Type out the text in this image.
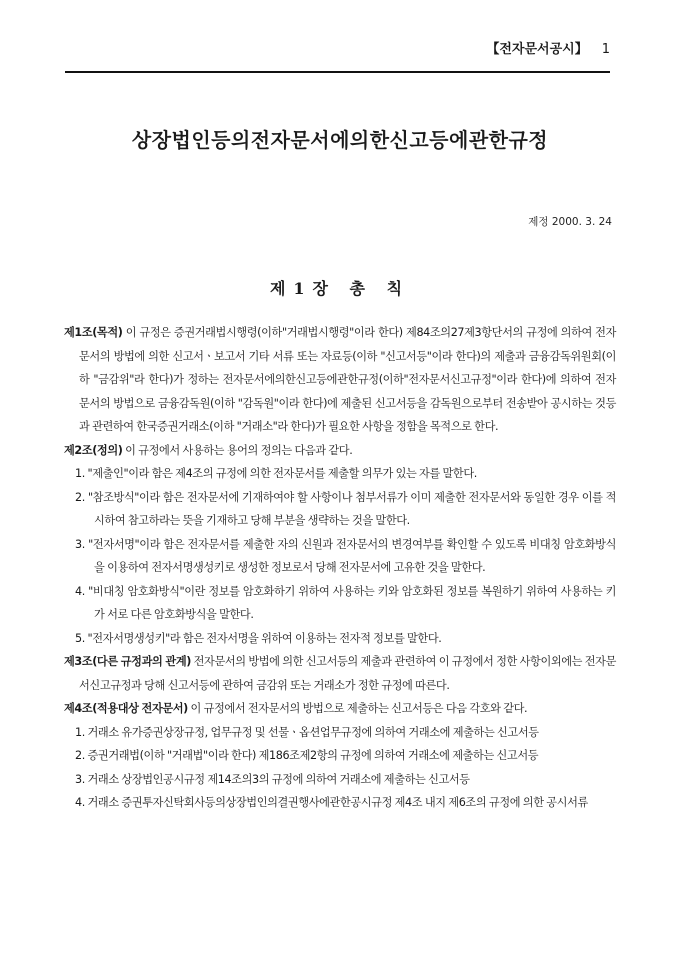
【전자문서공시】 1
상장법인등의전자문서에의한신고등에관한규정
제정 2000. 3. 24
제1장 총 칙
제1조(목적) 이 규정은 증권거래법시행령(이하"거래법시행령"이라 한다) 제84조의27제3항단서의 규정에 의하여 전자문서의 방법에 의한 신고서ㆍ보고서 기타 서류 또는 자료등(이하 "신고서등"이라 한다)의 제출과 금융감독위원회(이하 "금감위"라 한다)가 정하는 전자문서에의한신고등에관한규정(이하"전자문서신고규정"이라 한다)에 의하여 전자문서의 방법으로 금융감독원(이하 "감독원"이라 한다)에 제출된 신고서등을 감독원으로부터 전송받아 공시하는 것등과 관련하여 한국증권거래소(이하 "거래소"라 한다)가 필요한 사항을 정함을 목적으로 한다.
제2조(정의) 이 규정에서 사용하는 용어의 정의는 다음과 같다.
1. "제출인"이라 함은 제4조의 규정에 의한 전자문서를 제출할 의무가 있는 자를 말한다.
2. "참조방식"이라 함은 전자문서에 기재하여야 할 사항이나 첨부서류가 이미 제출한 전자문서와 동일한 경우 이를 적시하여 참고하라는 뜻을 기재하고 당해 부분을 생략하는 것을 말한다.
3. "전자서명"이라 함은 전자문서를 제출한 자의 신원과 전자문서의 변경여부를 확인할 수 있도록 비대칭 암호화방식을 이용하여 전자서명생성키로 생성한 정보로서 당해 전자문서에 고유한 것을 말한다.
4. "비대칭 암호화방식"이란 정보를 암호화하기 위하여 사용하는 키와 암호화된 정보를 복원하기 위하여 사용하는 키가 서로 다른 암호화방식을 말한다.
5. "전자서명생성키"라 함은 전자서명을 위하여 이용하는 전자적 정보를 말한다.
제3조(다른 규정과의 관계) 전자문서의 방법에 의한 신고서등의 제출과 관련하여 이 규정에서 정한 사항이외에는 전자문서신고규정과 당해 신고서등에 관하여 금감위 또는 거래소가 정한 규정에 따른다.
제4조(적용대상 전자문서) 이 규정에서 전자문서의 방법으로 제출하는 신고서등은 다음 각호와 같다.
1. 거래소 유가증권상장규정, 업무규정 및 선물ㆍ옵션업무규정에 의하여 거래소에 제출하는 신고서등
2. 증권거래법(이하 "거래법"이라 한다) 제186조제2항의 규정에 의하여 거래소에 제출하는 신고서등
3. 거래소 상장법인공시규정 제14조의3의 규정에 의하여 거래소에 제출하는 신고서등
4. 거래소 증권투자신탁회사등의상장법인의결권행사에관한공시규정 제4조 내지 제6조의 규정에 의한 공시서류
